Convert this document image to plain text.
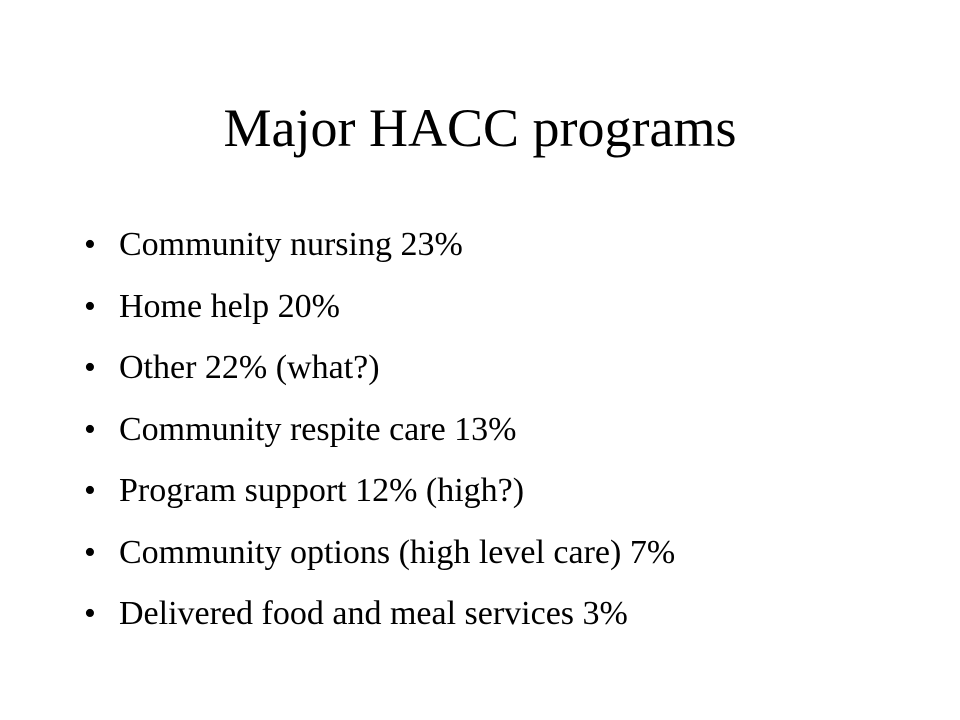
Major HACC programs
• Community nursing 23%
• Home help 20%
• Other 22% (what?)
• Community respite care 13%
• Program support 12% (high?)
• Community options (high level care) 7%
• Delivered food and meal services 3%
